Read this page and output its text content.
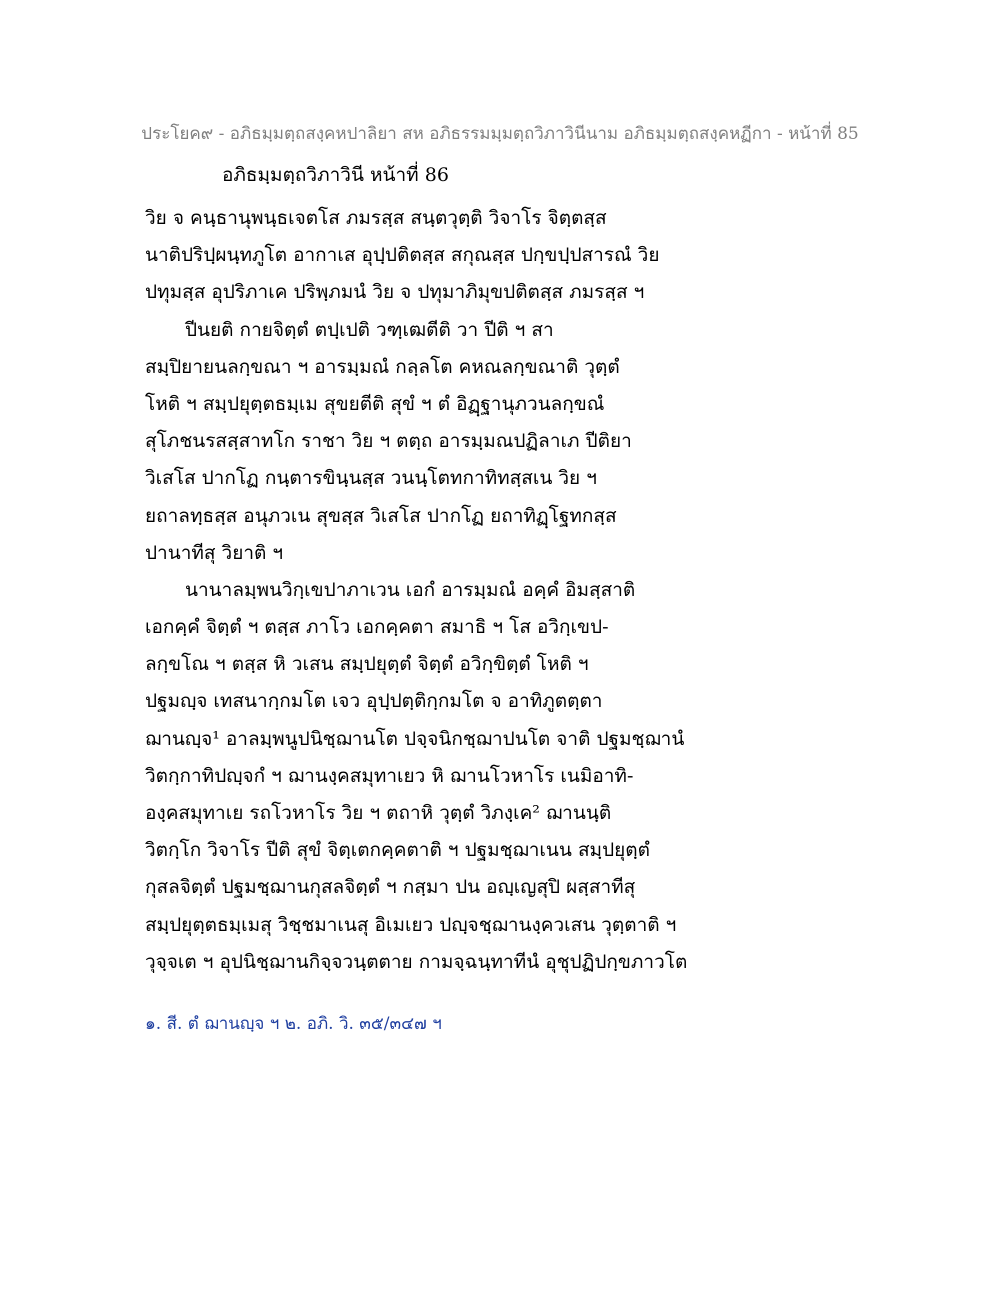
ประโยค๙ - อภิธมฺมตฺถสงฺคหปาลิยา สห อภิธรรมมฺมตฺถวิภาวินีนาม อภิธมฺมตฺถสงฺคหฏีกา - หน้าที่ 85
อภิธมฺมตฺถวิภาวินี หน้าที่ 86
วิย จ คนฺธานุพนฺธเจตโส ภมรสฺส สนฺตวุตฺติ วิจาโร จิตฺตสฺส
นาติปริปฺผนฺทภูโต อากาเส อุปฺปติตสฺส สกุณสฺส ปกฺขปฺปสารณํ วิย
ปทุมสฺส อุปริภาเค ปริพฺภมนํ วิย จ ปทุมาภิมุขปติตสฺส ภมรสฺส ฯ
ปีนยติ กายจิตฺตํ ตปฺเปติ วฑฺเฒตีติ วา ปีติ ฯ สา
สมฺปิยายนลกฺขณา ฯ อารมฺมณํ กลฺลโต คหณลกฺขณาติ วุตฺตํ
โหติ ฯ สมฺปยุตฺตธมฺเม สุขยตีติ สุขํ ฯ ตํ อิฏฺฐานุภวนลกฺขณํ
สุโภชนรสสฺสาทโก ราชา วิย ฯ ตตฺถ อารมฺมณปฏิลาเภ ปีติยา
วิเสโส ปากโฏ กนฺตารขินฺนสฺส วนนฺโตทกาทิทสฺสเน วิย ฯ
ยถาลทฺธสฺส อนุภวเน สุขสฺส วิเสโส ปากโฏ ยถาทิฏฺโฐทกสฺส
ปานาทีสุ วิยาติ ฯ
นานาลมฺพนวิกฺเขปาภาเวน เอกํ อารมฺมณํ อคฺคํ อิมสฺสาติ
เอกคฺคํ จิตฺตํ ฯ ตสฺส ภาโว เอกคฺคตา สมาธิ ฯ โส อวิกฺเขป-
ลกฺขโณ ฯ ตสฺส หิ วเสน สมฺปยุตฺตํ จิตฺตํ อวิกฺขิตฺตํ โหติ ฯ
ปฐมญฺจ เทสนากฺกมโต เจว อุปฺปตฺติกฺกมโต จ อาทิภูตตฺตา
ฌานญฺจ¹ อาลมฺพนูปนิชฺฌานโต ปจฺจนิกชฺฌาปนโต จาติ ปฐมชฺฌานํ
วิตกฺกาทิปญฺจกํ ฯ ฌานงฺคสมุทาเยว หิ ฌานโวหาโร เนมิอาทิ-
องฺคสมุทาเย รถโวหาโร วิย ฯ ตถาหิ วุตฺตํ วิภงฺเค² ฌานนฺติ
วิตกฺโก วิจาโร ปีติ สุขํ จิตฺเตกคฺคตาติ ฯ ปฐมชฺฌาเนน สมฺปยุตฺตํ
กุสลจิตฺตํ ปฐมชฺฌานกุสลจิตฺตํ ฯ กสฺมา ปน อญฺเญสุปิ ผสฺสาทีสุ
สมฺปยุตฺตธมฺเมสุ วิชฺชมาเนสุ อิเมเยว ปญฺจชฺฌานงฺควเสน วุตฺตาติ ฯ
วุจฺจเต ฯ อุปนิชฺฌานกิจฺจวนฺตตาย กามจฺฉนฺทาทีนํ อุชุปฏิปกฺขภาวโต
๑. สี. ตํ ฌานญฺจ ฯ ๒. อภิ. วิ. ๓๕/๓๔๗ ฯ
